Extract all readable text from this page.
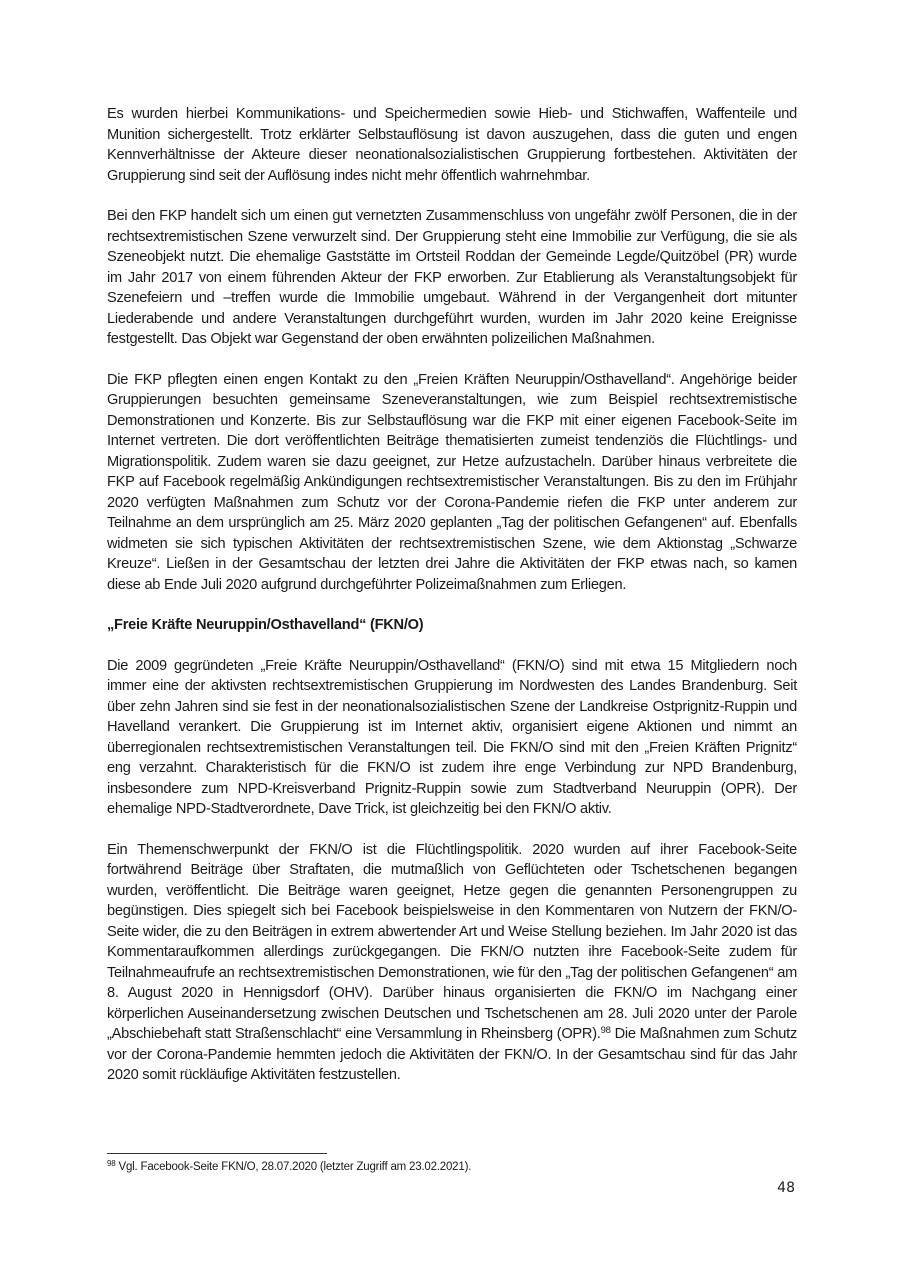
Es wurden hierbei Kommunikations- und Speichermedien sowie Hieb- und Stichwaffen, Waffenteile und Munition sichergestellt. Trotz erklärter Selbstauflösung ist davon auszugehen, dass die guten und engen Kennverhältnisse der Akteure dieser neonationalsozialistischen Gruppierung fortbestehen. Aktivitäten der Gruppierung sind seit der Auflösung indes nicht mehr öffentlich wahrnehmbar.

Bei den FKP handelt sich um einen gut vernetzten Zusammenschluss von ungefähr zwölf Personen, die in der rechtsextremistischen Szene verwurzelt sind. Der Gruppierung steht eine Immobilie zur Verfügung, die sie als Szeneobjekt nutzt. Die ehemalige Gaststätte im Ortsteil Roddan der Gemeinde Legde/Quitzöbel (PR) wurde im Jahr 2017 von einem führenden Akteur der FKP erworben. Zur Etablierung als Veranstaltungsobjekt für Szenefeiern und –treffen wurde die Immobilie umgebaut. Während in der Vergangenheit dort mitunter Liederabende und andere Veranstaltungen durchgeführt wurden, wurden im Jahr 2020 keine Ereignisse festgestellt. Das Objekt war Gegenstand der oben erwähnten polizeilichen Maßnahmen.

Die FKP pflegten einen engen Kontakt zu den „Freien Kräften Neuruppin/Osthavelland“. Angehörige beider Gruppierungen besuchten gemeinsame Szeneveranstaltungen, wie zum Beispiel rechtsextremistische Demonstrationen und Konzerte. Bis zur Selbstauflösung war die FKP mit einer eigenen Facebook-Seite im Internet vertreten. Die dort veröffentlichten Beiträge thematisierten zumeist tendenziös die Flüchtlings- und Migrationspolitik. Zudem waren sie dazu geeignet, zur Hetze aufzustacheln. Darüber hinaus verbreitete die FKP auf Facebook regelmäßig Ankündigungen rechtsextremistischer Veranstaltungen. Bis zu den im Frühjahr 2020 verfügten Maßnahmen zum Schutz vor der Corona-Pandemie riefen die FKP unter anderem zur Teilnahme an dem ursprünglich am 25. März 2020 geplanten „Tag der politischen Gefangenen“ auf. Ebenfalls widmeten sie sich typischen Aktivitäten der rechtsextremistischen Szene, wie dem Aktionstag „Schwarze Kreuze“. Ließen in der Gesamtschau der letzten drei Jahre die Aktivitäten der FKP etwas nach, so kamen diese ab Ende Juli 2020 aufgrund durchgeführter Polizeimaßnahmen zum Erliegen.

„Freie Kräfte Neuruppin/Osthavelland“ (FKN/O)

Die 2009 gegründeten „Freie Kräfte Neuruppin/Osthavelland“ (FKN/O) sind mit etwa 15 Mitgliedern noch immer eine der aktivsten rechtsextremistischen Gruppierung im Nordwesten des Landes Brandenburg. Seit über zehn Jahren sind sie fest in der neonationalsozialistischen Szene der Landkreise Ostprignitz-Ruppin und Havelland verankert. Die Gruppierung ist im Internet aktiv, organisiert eigene Aktionen und nimmt an überregionalen rechtsextremistischen Veranstaltungen teil. Die FKN/O sind mit den „Freien Kräften Prignitz“ eng verzahnt. Charakteristisch für die FKN/O ist zudem ihre enge Verbindung zur NPD Brandenburg, insbesondere zum NPD-Kreisverband Prignitz-Ruppin sowie zum Stadtverband Neuruppin (OPR). Der ehemalige NPD-Stadtverordnete, Dave Trick, ist gleichzeitig bei den FKN/O aktiv.

Ein Themenschwerpunkt der FKN/O ist die Flüchtlingspolitik. 2020 wurden auf ihrer Facebook-Seite fortwährend Beiträge über Straftaten, die mutmaßlich von Geflüchteten oder Tschetschenen begangen wurden, veröffentlicht. Die Beiträge waren geeignet, Hetze gegen die genannten Personengruppen zu begünstigen. Dies spiegelt sich bei Facebook beispielsweise in den Kommentaren von Nutzern der FKN/O-Seite wider, die zu den Beiträgen in extrem abwertender Art und Weise Stellung beziehen. Im Jahr 2020 ist das Kommentaraufkommen allerdings zurückgegangen. Die FKN/O nutzten ihre Facebook-Seite zudem für Teilnahmeaufrufe an rechtsextremistischen Demonstrationen, wie für den „Tag der politischen Gefangenen“ am 8. August 2020 in Hennigsdorf (OHV). Darüber hinaus organisierten die FKN/O im Nachgang einer körperlichen Auseinandersetzung zwischen Deutschen und Tschetschenen am 28. Juli 2020 unter der Parole „Abschiebehaft statt Straßenschlacht“ eine Versammlung in Rheinsberg (OPR).$^{98}$ Die Maßnahmen zum Schutz vor der Corona-Pandemie hemmten jedoch die Aktivitäten der FKN/O. In der Gesamtschau sind für das Jahr 2020 somit rückläufige Aktivitäten festzustellen.

$^{98}$ Vgl. Facebook-Seite FKN/O, 28.07.2020 (letzter Zugriff am 23.02.2021).
48
